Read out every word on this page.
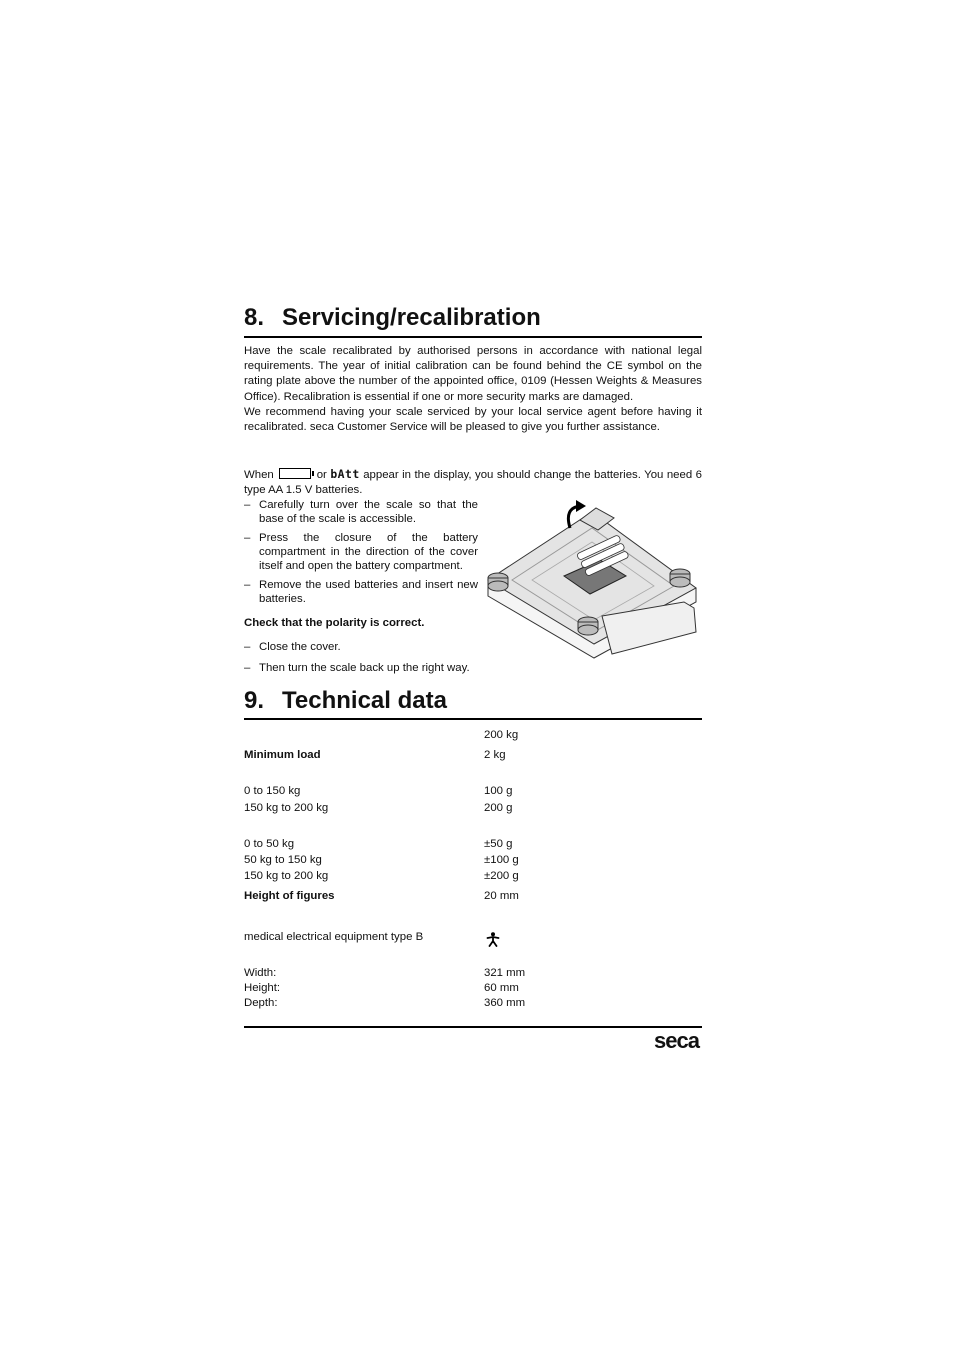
8. Servicing/recalibration

Have the scale recalibrated by authorised persons in accordance with national legal requirements. The year of initial calibration can be found behind the CE symbol on the rating plate above the number of the appointed office, 0109 (Hessen Weights & Measures Office). Recalibration is essential if one or more security marks are damaged.

We recommend having your scale serviced by your local service agent before having it recalibrated. seca Customer Service will be pleased to give you further assistance.

When	or bAtt appear in the display, you should change the batteries. You need 6 type AA 1.5 V batteries.
– Carefully turn over the scale so that the base of the scale is accessible.
– Press the closure of the battery compartment in the direction of the cover itself and open the battery compartment.
– Remove the used batteries and insert new batteries.
Check that the polarity is correct.
– Close the cover.
– Then turn the scale back up the right way.
9. Technical data
200 kg
Minimum load	2 kg
0 to 150 kg	100 g
150 kg to 200 kg	200 g
0 to 50 kg	±50 g
50 kg to 150 kg	±100 g
150 kg to 200 kg	±200 g
Height of figures	20 mm
medical electrical equipment type B
Width:	321 mm
Height:	60 mm
Depth:	360 mm
seca
